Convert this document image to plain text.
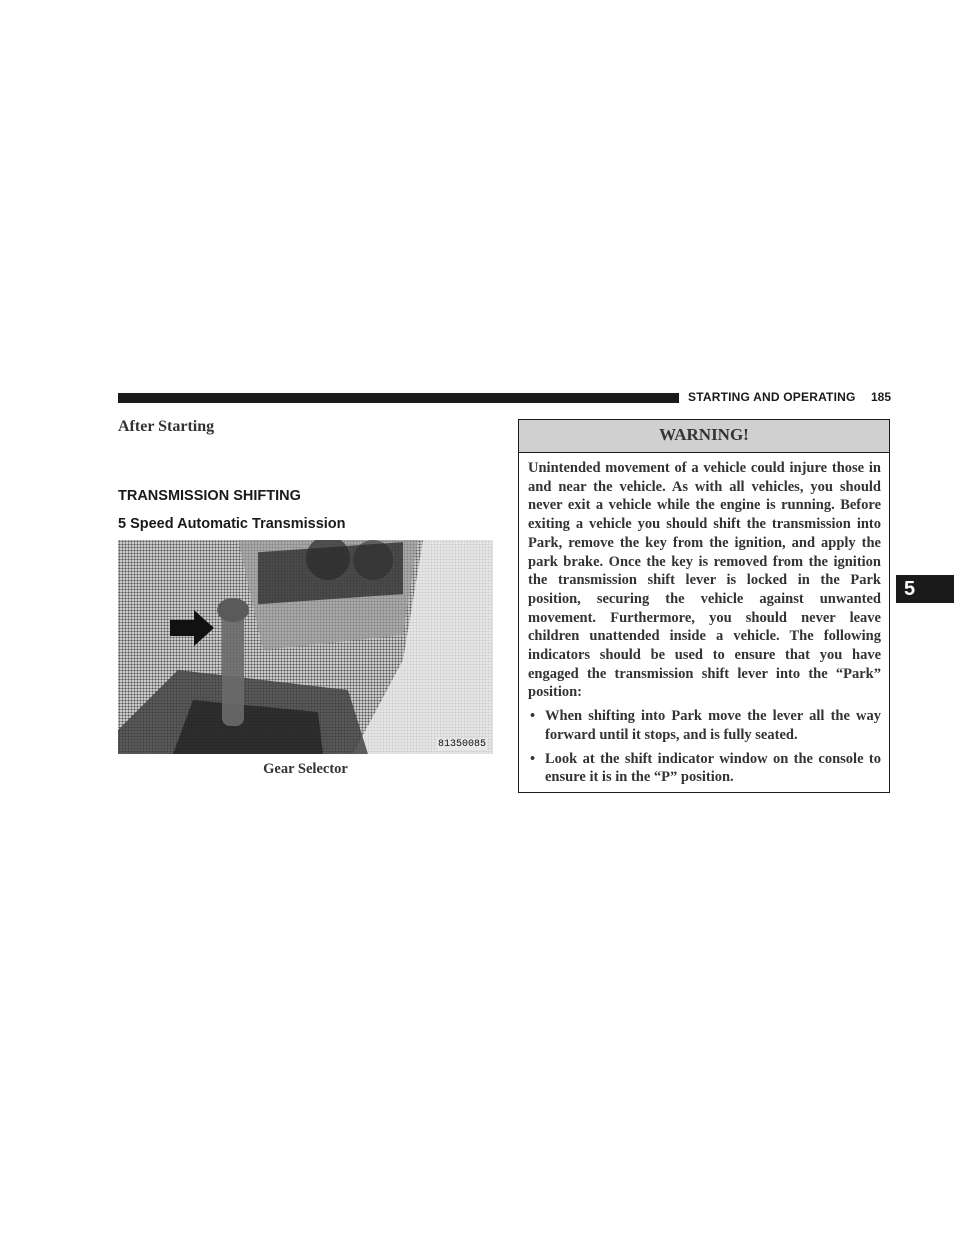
STARTING AND OPERATING 185
After Starting
TRANSMISSION SHIFTING
5 Speed Automatic Transmission
81350085
Gear Selector
WARNING!

Unintended movement of a vehicle could injure those in and near the vehicle. As with all vehicles, you should never exit a vehicle while the engine is running. Before exiting a vehicle you should shift the transmission into Park, remove the key from the ignition, and apply the park brake. Once the key is removed from the ignition the transmission shift lever is locked in the Park position, securing the vehicle against unwanted movement. Furthermore, you should never leave children unattended inside a vehicle. The following indicators should be used to ensure that you have engaged the transmission shift lever into the “Park” position:

• When shifting into Park move the lever all the way forward until it stops, and is fully seated.
• Look at the shift indicator window on the console to ensure it is in the “P” position.
5
